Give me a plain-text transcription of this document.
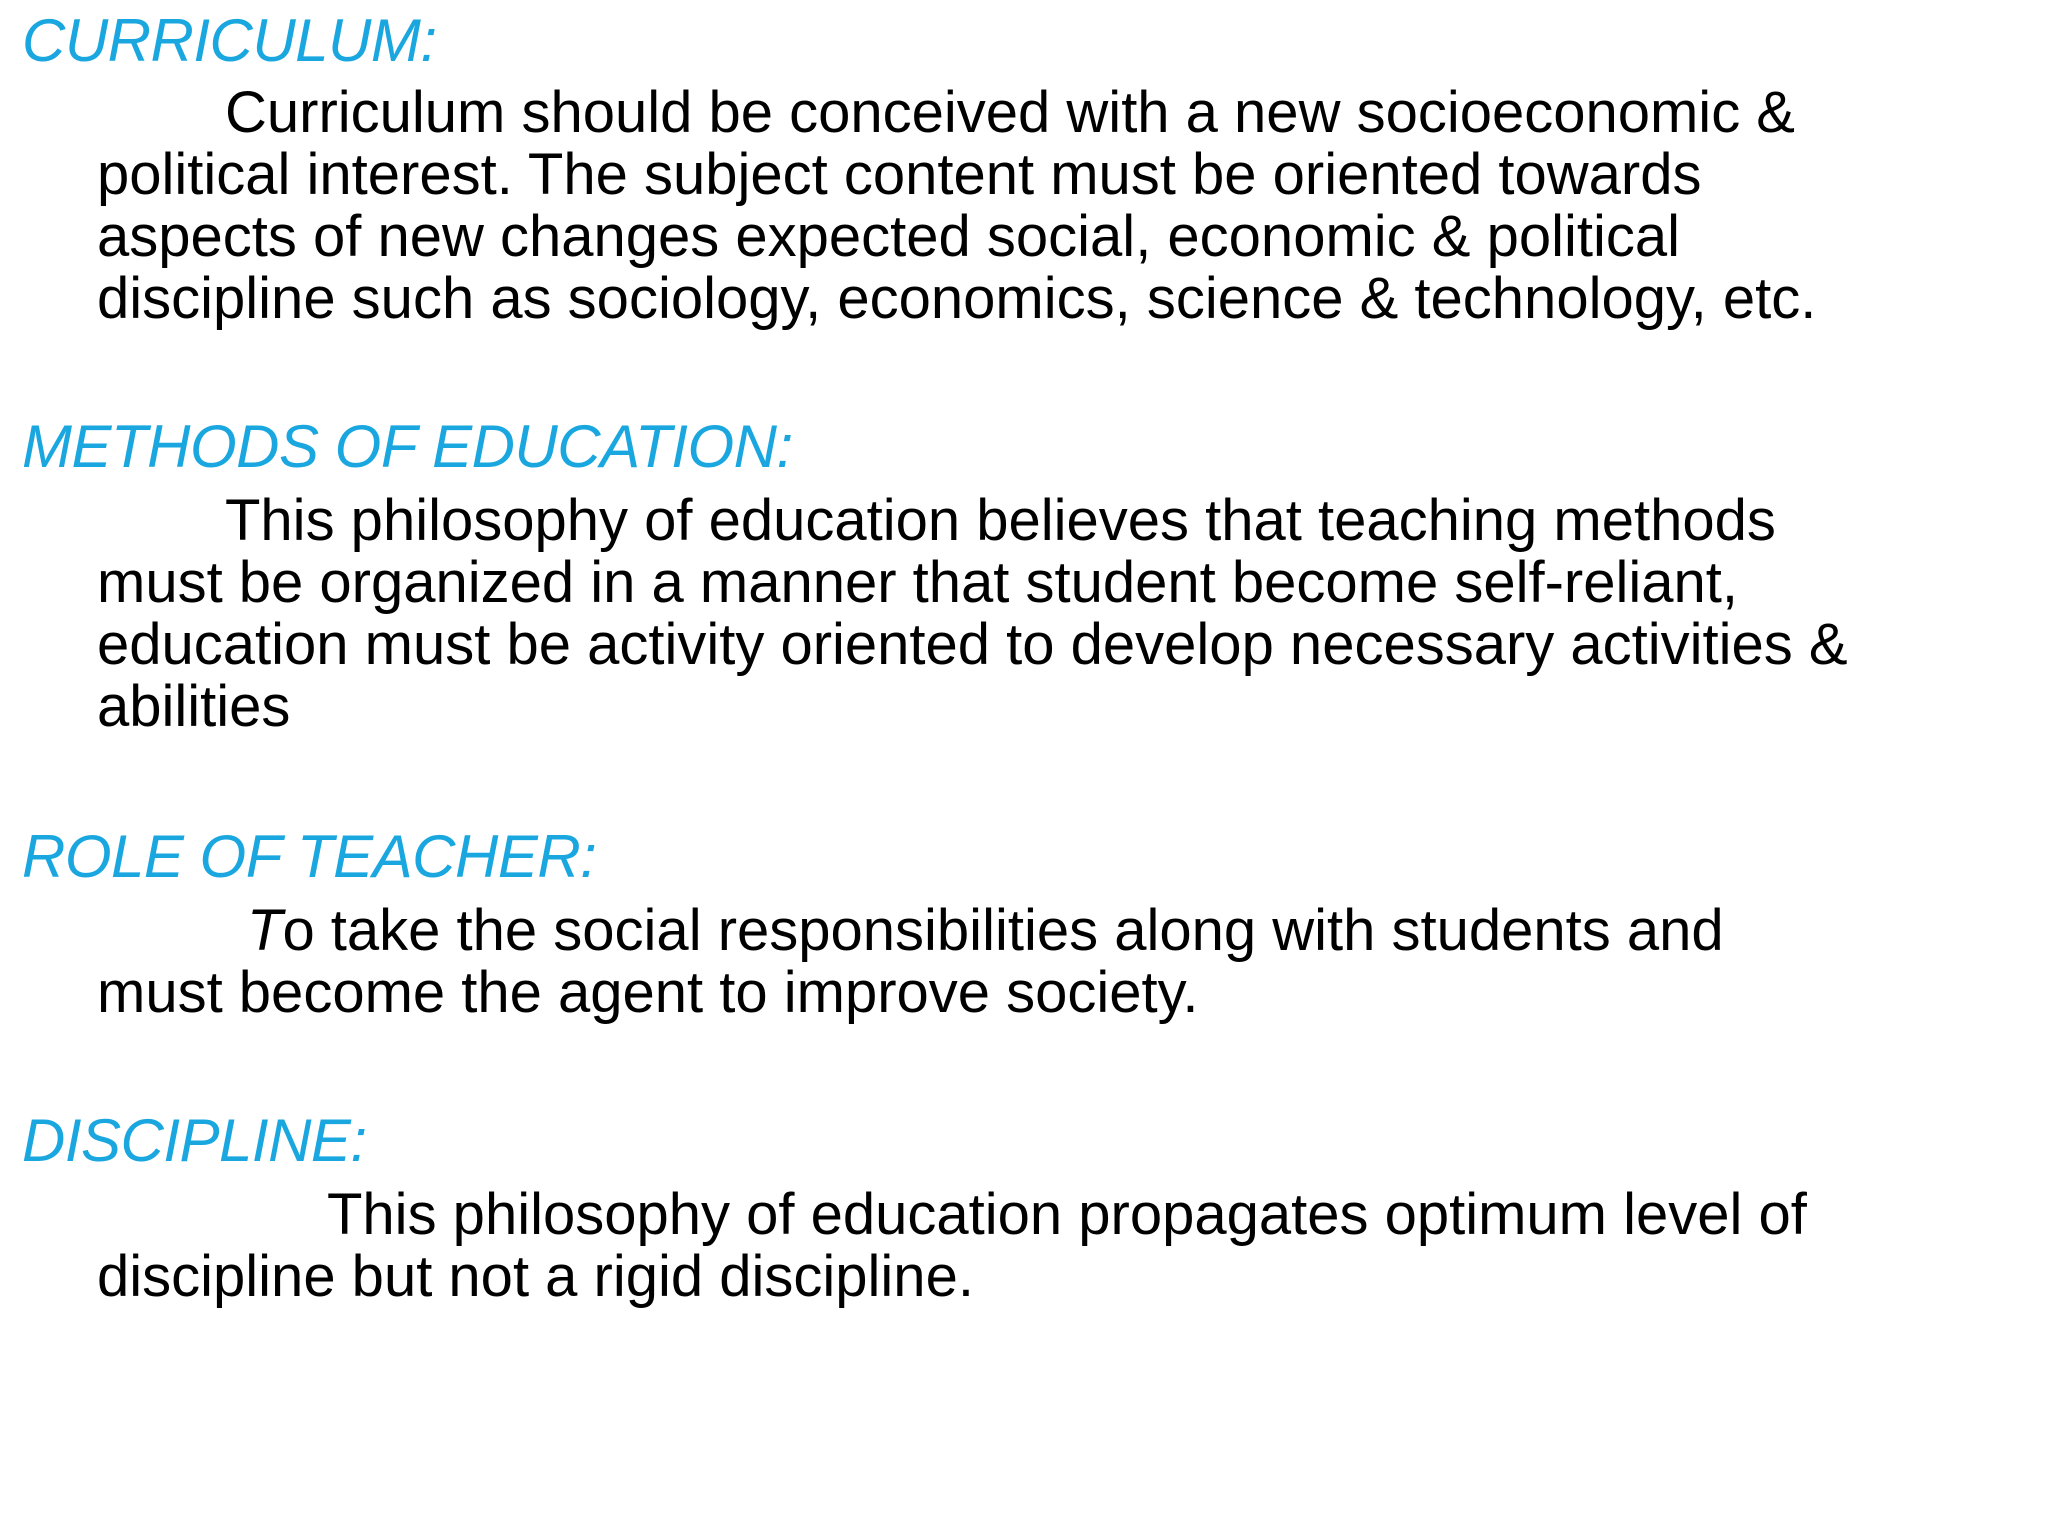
CURRICULUM:
Curriculum should be conceived with a new socioeconomic &
political interest. The subject content must be oriented towards
aspects of new changes expected social, economic & political
discipline such as sociology, economics, science & technology, etc.
METHODS OF EDUCATION:
This philosophy of education believes that teaching methods
must be organized in a manner that student become self-reliant,
education must be activity oriented to develop necessary activities &
abilities
ROLE OF TEACHER:
To take the social responsibilities along with students and
must become the agent to improve society.
DISCIPLINE:
This philosophy of education propagates optimum level of
discipline but not a rigid discipline.
